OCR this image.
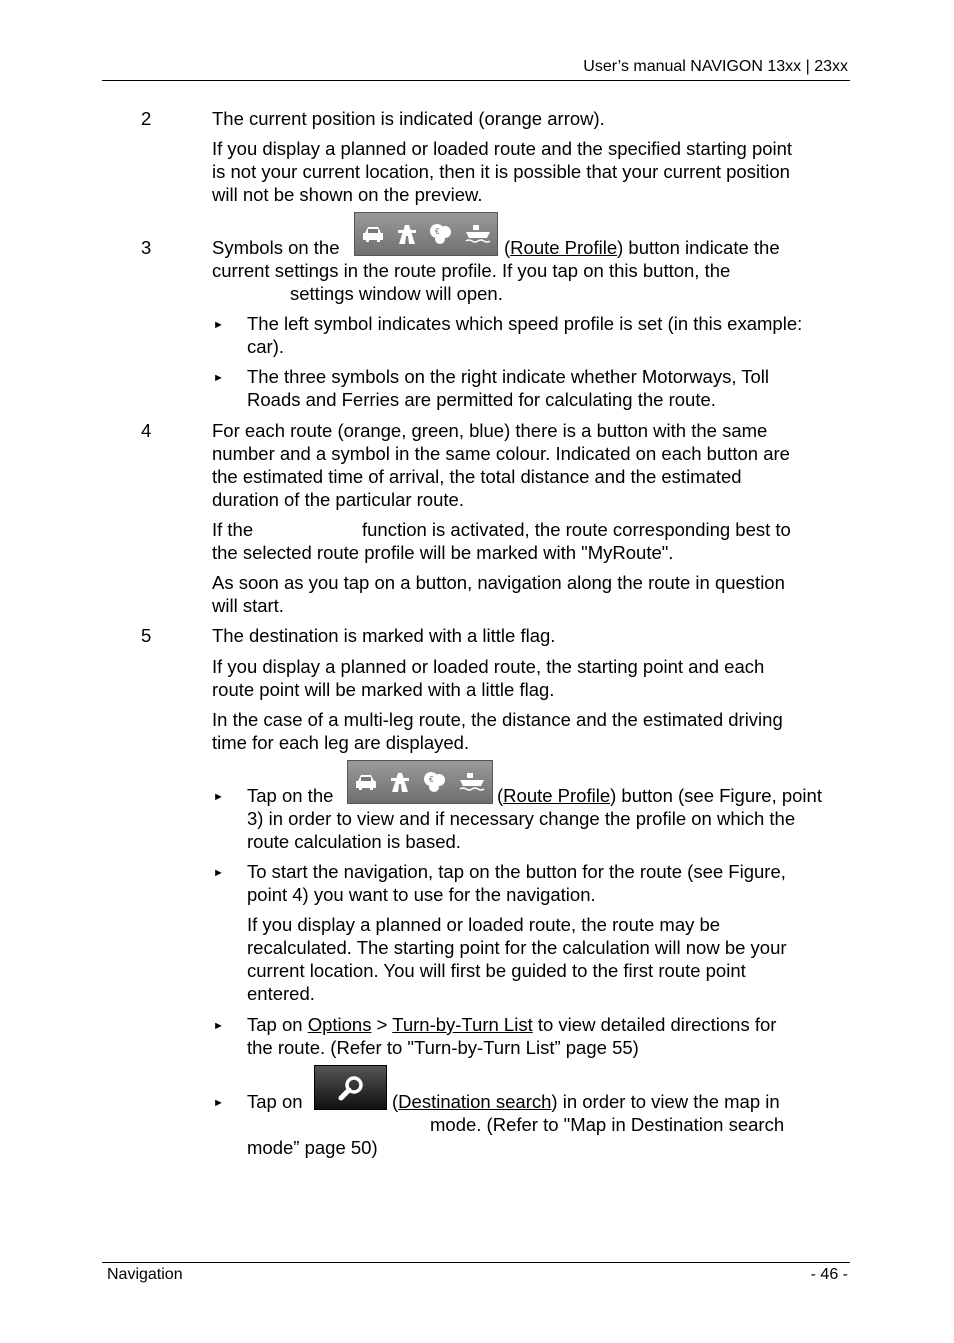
User’s manual NAVIGON 13xx | 23xx
2	The current position is indicated (orange arrow).
If you display a planned or loaded route and the specified starting point
is not your current location, then it is possible that your current position
will not be shown on the preview.
3	Symbols on the
€
(Route Profile) button indicate the
current settings in the route profile. If you tap on this button, the
settings window will open.
► The left symbol indicates which speed profile is set (in this example:
car).
► The three symbols on the right indicate whether Motorways, Toll
Roads and Ferries are permitted for calculating the route.
4	For each route (orange, green, blue) there is a button with the same
number and a symbol in the same colour. Indicated on each button are
the estimated time of arrival, the total distance and the estimated
duration of the particular route.
If the	function is activated, the route corresponding best to
the selected route profile will be marked with "MyRoute".
As soon as you tap on a button, navigation along the route in question
will start.
5	The destination is marked with a little flag.
If you display a planned or loaded route, the starting point and each
route point will be marked with a little flag.
In the case of a multi-leg route, the distance and the estimated driving
time for each leg are displayed.
► Tap on the
€
(Route Profile) button (see Figure, point
3) in order to view and if necessary change the profile on which the
route calculation is based.
► To start the navigation, tap on the button for the route (see Figure,
point 4) you want to use for the navigation.
If you display a planned or loaded route, the route may be
recalculated. The starting point for the calculation will now be your
current location. You will first be guided to the first route point
entered.
► Tap on Options > Turn-by-Turn List to view detailed directions for
the route. (Refer to "Turn-by-Turn List” page 55)
► Tap on	(Destination search) in order to view the map in
mode. (Refer to "Map in Destination search
mode” page 50)
Navigation	- 46 -
